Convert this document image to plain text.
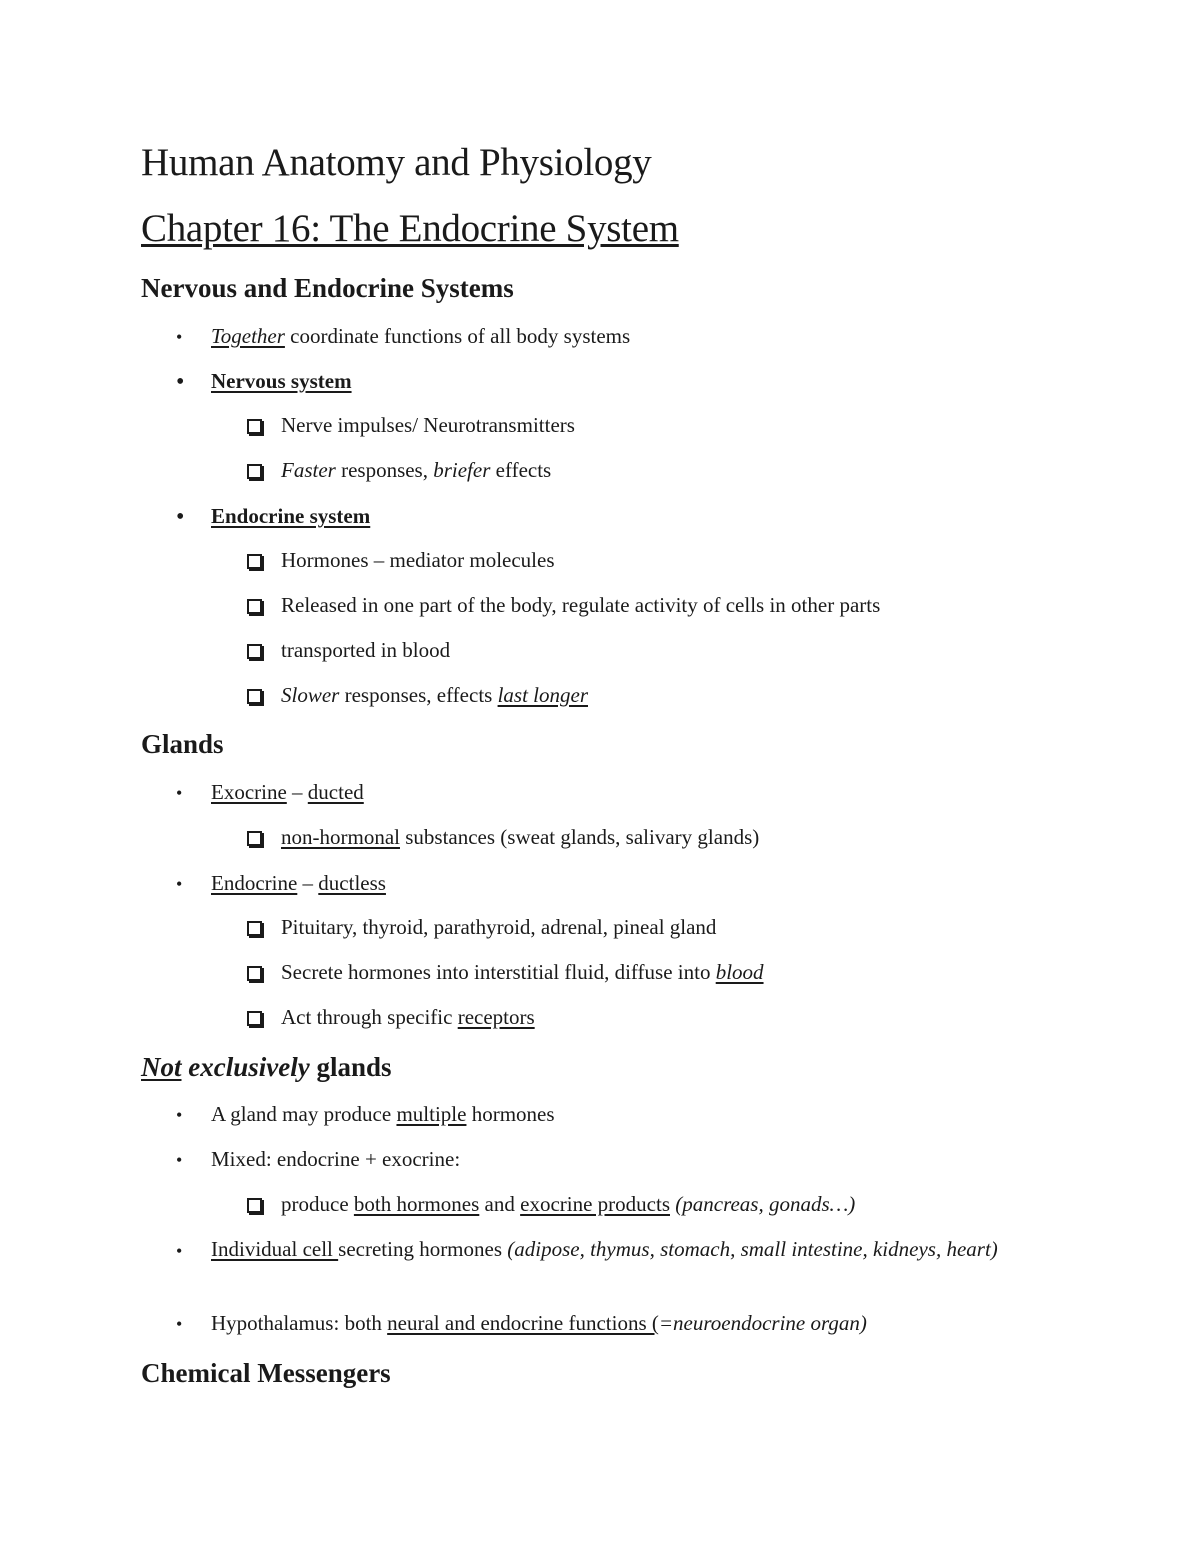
Human Anatomy and Physiology
Chapter 16: The Endocrine System
Nervous and Endocrine Systems
• Together coordinate functions of all body systems
• Nervous system
Nerve impulses/ Neurotransmitters
Faster responses, briefer effects
• Endocrine system
Hormones – mediator molecules
Released in one part of the body, regulate activity of cells in other parts
transported in blood
Slower responses, effects last longer
Glands
• Exocrine – ducted
non-hormonal substances (sweat glands, salivary glands)
• Endocrine – ductless
Pituitary, thyroid, parathyroid, adrenal, pineal gland
Secrete hormones into interstitial fluid, diffuse into blood
Act through specific receptors
Not exclusively glands
• A gland may produce multiple hormones
• Mixed: endocrine + exocrine:
produce both hormones and exocrine products (pancreas, gonads…)
• Individual cell secreting hormones (adipose, thymus, stomach, small intestine, kidneys, heart)
• Hypothalamus: both neural and endocrine functions (=neuroendocrine organ)
Chemical Messengers
